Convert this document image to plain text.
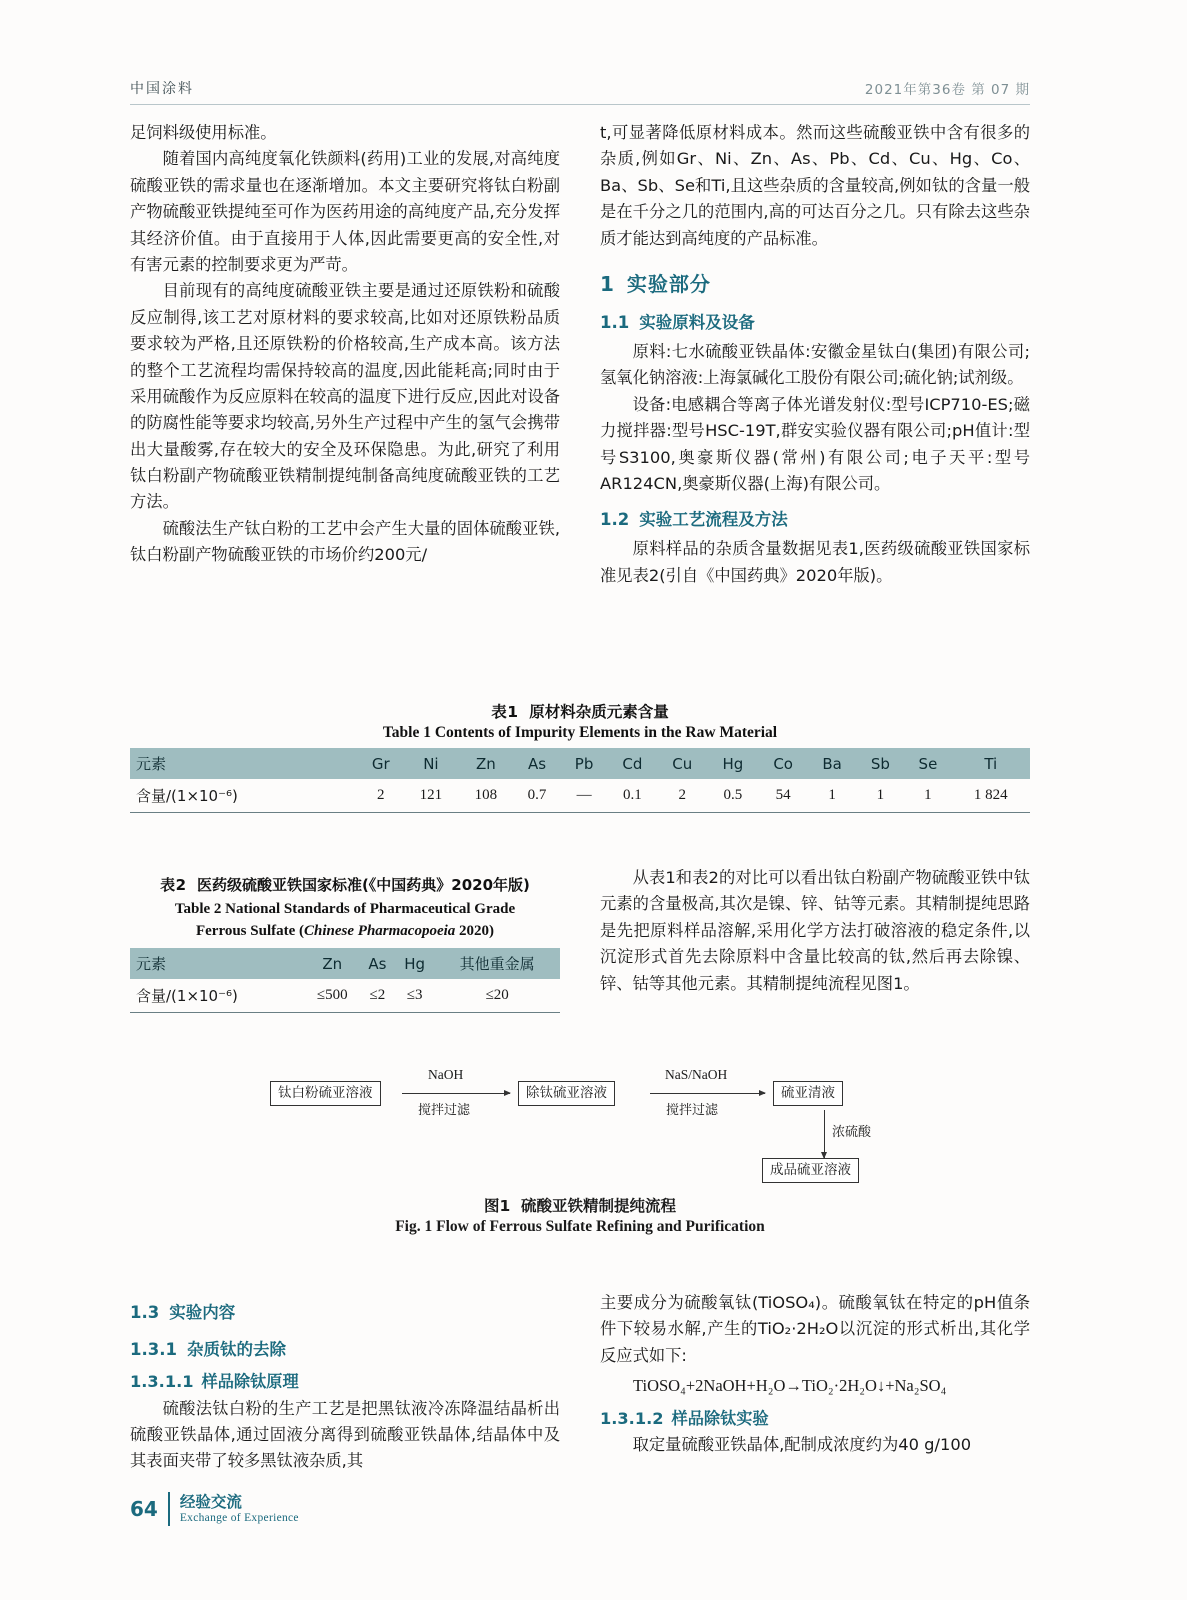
中国涂料	2021年第36卷 第 07 期

足饲料级使用标准。

随着国内高纯度氧化铁颜料(药用)工业的发展,对高纯度硫酸亚铁的需求量也在逐渐增加。本文主要研究将钛白粉副产物硫酸亚铁提纯至可作为医药用途的高纯度产品,充分发挥其经济价值。由于直接用于人体,因此需要更高的安全性,对有害元素的控制要求更为严苛。

目前现有的高纯度硫酸亚铁主要是通过还原铁粉和硫酸反应制得,该工艺对原材料的要求较高,比如对还原铁粉品质要求较为严格,且还原铁粉的价格较高,生产成本高。该方法的整个工艺流程均需保持较高的温度,因此能耗高;同时由于采用硫酸作为反应原料在较高的温度下进行反应,因此对设备的防腐性能等要求均较高,另外生产过程中产生的氢气会携带出大量酸雾,存在较大的安全及环保隐患。为此,研究了利用钛白粉副产物硫酸亚铁精制提纯制备高纯度硫酸亚铁的工艺方法。

硫酸法生产钛白粉的工艺中会产生大量的固体硫酸亚铁,钛白粉副产物硫酸亚铁的市场价约200元/

t,可显著降低原材料成本。然而这些硫酸亚铁中含有很多的杂质,例如Gr、Ni、Zn、As、Pb、Cd、Cu、Hg、Co、Ba、Sb、Se和Ti,且这些杂质的含量较高,例如钛的含量一般是在千分之几的范围内,高的可达百分之几。只有除去这些杂质才能达到高纯度的产品标准。

1 实验部分
1.1 实验原料及设备

原料:七水硫酸亚铁晶体:安徽金星钛白(集团)有限公司;氢氧化钠溶液:上海氯碱化工股份有限公司;硫化钠;试剂级。

设备:电感耦合等离子体光谱发射仪:型号ICP710-ES;磁力搅拌器:型号HSC-19T,群安实验仪器有限公司;pH值计:型号S3100,奥豪斯仪器(常州)有限公司;电子天平:型号AR124CN,奥豪斯仪器(上海)有限公司。

1.2 实验工艺流程及方法

原料样品的杂质含量数据见表1,医药级硫酸亚铁国家标准见表2(引自《中国药典》2020年版)。

表1 原材料杂质元素含量
Table 1 Contents of Impurity Elements in the Raw Material
元素	Gr	Ni	Zn	As	Pb	Cd	Cu	Hg	Co	Ba	Sb	Se	Ti
含量/(1×10⁻⁶)	2	121	108	0.7	—	0.1	2	0.5	54	1	1	1	1 824
表2 医药级硫酸亚铁国家标准(《中国药典》2020年版)
Table 2 National Standards of Pharmaceutical Grade
Ferrous Sulfate (Chinese Pharmacopoeia 2020)
元素	Zn	As	Hg	其他重金属
含量/(1×10⁻⁶)	≤500	≤2	≤3	≤20

从表1和表2的对比可以看出钛白粉副产物硫酸亚铁中钛元素的含量极高,其次是镍、锌、钴等元素。其精制提纯思路是先把原料样品溶解,采用化学方法打破溶液的稳定条件,以沉淀形式首先去除原料中含量比较高的钛,然后再去除镍、锌、钴等其他元素。其精制提纯流程见图1。

钛白粉硫亚溶液
NaOH
搅拌过滤
除钛硫亚溶液
NaS/NaOH
搅拌过滤
硫亚清液
浓硫酸
成品硫亚溶液
图1 硫酸亚铁精制提纯流程
Fig. 1 Flow of Ferrous Sulfate Refining and Purification
1.3 实验内容
1.3.1 杂质钛的去除
1.3.1.1 样品除钛原理

硫酸法钛白粉的生产工艺是把黑钛液冷冻降温结晶析出硫酸亚铁晶体,通过固液分离得到硫酸亚铁晶体,结晶体中及其表面夹带了较多黑钛液杂质,其

主要成分为硫酸氧钛(TiOSO₄)。硫酸氧钛在特定的pH值条件下较易水解,产生的TiO₂·2H₂O以沉淀的形式析出,其化学反应式如下:

TiOSO₄+2NaOH+H₂O→TiO₂·2H₂O↓+Na₂SO₄

1.3.1.2 样品除钛实验

取定量硫酸亚铁晶体,配制成浓度约为40 g/100

64 经验交流
Exchange of Experience
